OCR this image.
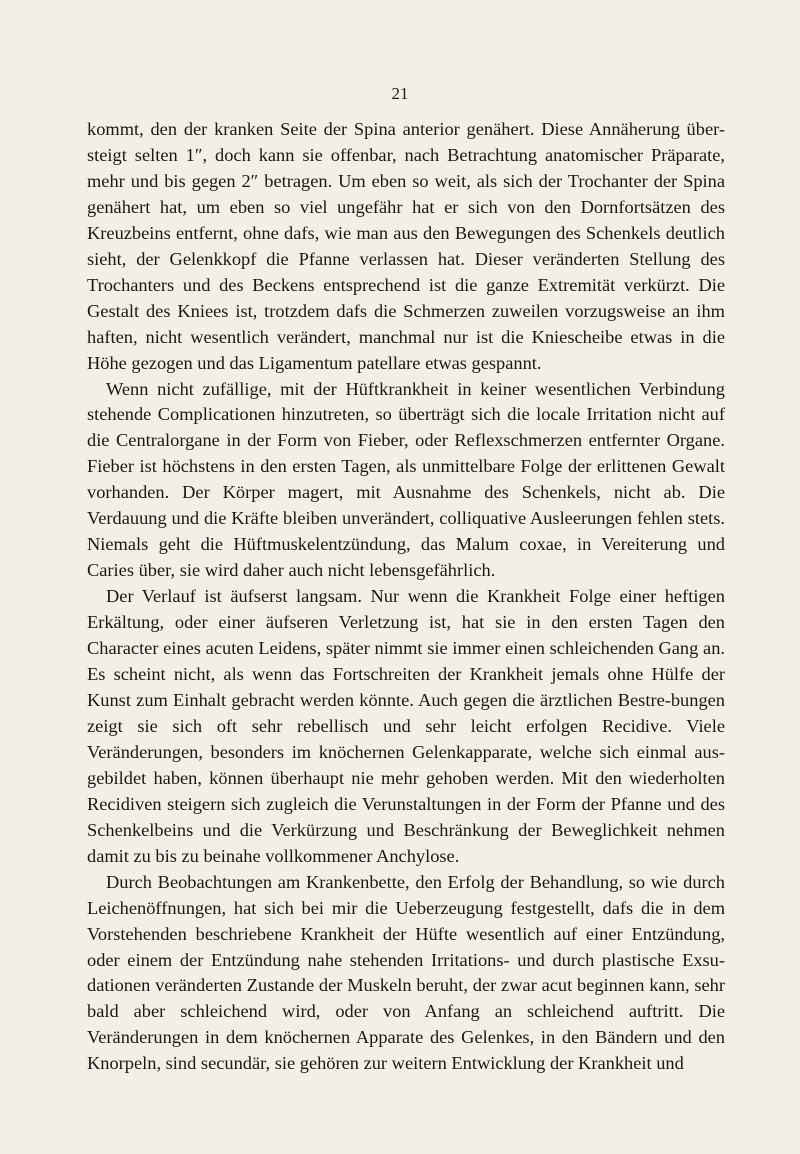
21

kommt, den der kranken Seite der Spina anterior genähert. Diese Annäherung über-steigt selten 1″, doch kann sie offenbar, nach Betrachtung anatomischer Präparate, mehr und bis gegen 2″ betragen. Um eben so weit, als sich der Trochanter der Spina genähert hat, um eben so viel ungefähr hat er sich von den Dornfortsätzen des Kreuzbeins entfernt, ohne dafs, wie man aus den Bewegungen des Schenkels deutlich sieht, der Gelenkkopf die Pfanne verlassen hat. Dieser veränderten Stellung des Trochanters und des Beckens entsprechend ist die ganze Extremität verkürzt. Die Gestalt des Kniees ist, trotzdem dafs die Schmerzen zuweilen vorzugsweise an ihm haften, nicht wesentlich verändert, manchmal nur ist die Kniescheibe etwas in die Höhe gezogen und das Ligamentum patellare etwas gespannt.

Wenn nicht zufällige, mit der Hüftkrankheit in keiner wesentlichen Verbindung stehende Complicationen hinzutreten, so überträgt sich die locale Irritation nicht auf die Centralorgane in der Form von Fieber, oder Reflexschmerzen entfernter Organe. Fieber ist höchstens in den ersten Tagen, als unmittelbare Folge der erlittenen Gewalt vorhanden. Der Körper magert, mit Ausnahme des Schenkels, nicht ab. Die Verdauung und die Kräfte bleiben unverändert, colliquative Ausleerungen fehlen stets. Niemals geht die Hüftmuskelentzündung, das Malum coxae, in Vereiterung und Caries über, sie wird daher auch nicht lebensgefährlich.

Der Verlauf ist äufserst langsam. Nur wenn die Krankheit Folge einer heftigen Erkältung, oder einer äufseren Verletzung ist, hat sie in den ersten Tagen den Character eines acuten Leidens, später nimmt sie immer einen schleichenden Gang an. Es scheint nicht, als wenn das Fortschreiten der Krankheit jemals ohne Hülfe der Kunst zum Einhalt gebracht werden könnte. Auch gegen die ärztlichen Bestre-bungen zeigt sie sich oft sehr rebellisch und sehr leicht erfolgen Recidive. Viele Veränderungen, besonders im knöchernen Gelenkapparate, welche sich einmal aus-gebildet haben, können überhaupt nie mehr gehoben werden. Mit den wiederholten Recidiven steigern sich zugleich die Verunstaltungen in der Form der Pfanne und des Schenkelbeins und die Verkürzung und Beschränkung der Beweglichkeit nehmen damit zu bis zu beinahe vollkommener Anchylose.

Durch Beobachtungen am Krankenbette, den Erfolg der Behandlung, so wie durch Leichenöffnungen, hat sich bei mir die Ueberzeugung festgestellt, dafs die in dem Vorstehenden beschriebene Krankheit der Hüfte wesentlich auf einer Entzündung, oder einem der Entzündung nahe stehenden Irritations- und durch plastische Exsu-dationen veränderten Zustande der Muskeln beruht, der zwar acut beginnen kann, sehr bald aber schleichend wird, oder von Anfang an schleichend auftritt. Die Veränderungen in dem knöchernen Apparate des Gelenkes, in den Bändern und den Knorpeln, sind secundär, sie gehören zur weitern Entwicklung der Krankheit und
